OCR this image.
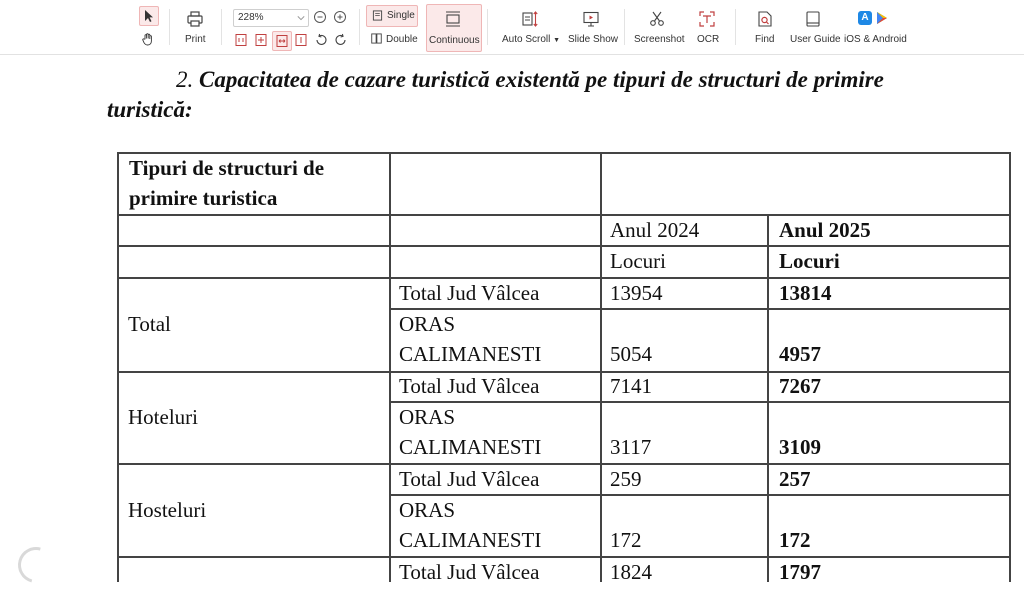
Print
228%	Single
Double Continuous Auto Scroll ▼ Slide Show Screenshot OCR	Find User Guide
A
iOS & Android
2. Capacitatea de cazare turistică existentă pe tipuri de structuri de primire
turistică:
Tipuri de structuri de
primire turistica
Anul 2024	Anul 2025
Locuri	Locuri
Total
Total Jud Vâlcea	13954	13814
ORAS
CALIMANESTI	5054	4957
Hoteluri
Total Jud Vâlcea	7141	7267
ORAS
CALIMANESTI	3117	3109
Hosteluri
Total Jud Vâlcea	259	257
ORAS
CALIMANESTI	172	172
Total Jud Vâlcea	1824	1797
